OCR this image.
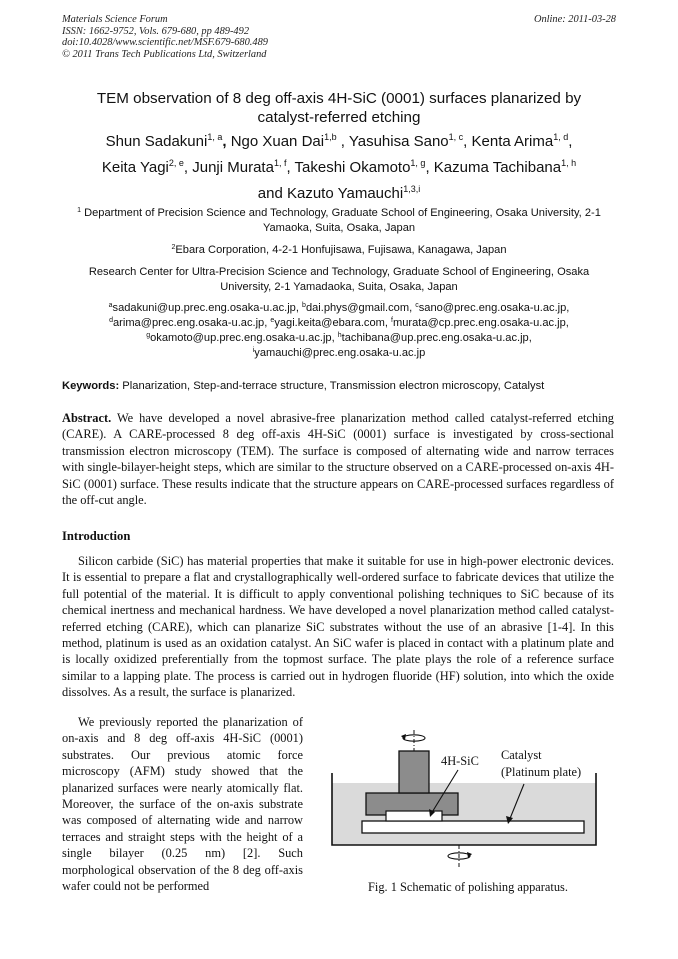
Materials Science Forum
ISSN: 1662-9752, Vols. 679-680, pp 489-492
doi:10.4028/www.scientific.net/MSF.679-680.489
© 2011 Trans Tech Publications Ltd, Switzerland
Online: 2011-03-28
TEM observation of 8 deg off-axis 4H-SiC (0001) surfaces planarized by catalyst-referred etching
Shun Sadakuni$^{1, a}$, Ngo Xuan Dai$^{1,b}$ , Yasuhisa Sano$^{1, c}$, Kenta Arima$^{1, d}$,
Keita Yagi$^{2, e}$, Junji Murata$^{1, f}$, Takeshi Okamoto$^{1, g}$, Kazuma Tachibana$^{1, h}$
and Kazuto Yamauchi$^{1,3,i}$
$^1$ Department of Precision Science and Technology, Graduate School of Engineering, Osaka University, 2-1 Yamaoka, Suita, Osaka, Japan
$^2$Ebara Corporation, 4-2-1 Honfujisawa, Fujisawa, Kanagawa, Japan
Research Center for Ultra-Precision Science and Technology, Graduate School of Engineering, Osaka University, 2-1 Yamadaoka, Suita, Osaka, Japan
$^a$sadakuni@up.prec.eng.osaka-u.ac.jp, $^b$dai.phys@gmail.com, $^c$sano@prec.eng.osaka-u.ac.jp,
$^d$arima@prec.eng.osaka-u.ac.jp, $^e$yagi.keita@ebara.com, $^f$murata@cp.prec.eng.osaka-u.ac.jp,
$^g$okamoto@up.prec.eng.osaka-u.ac.jp, $^h$tachibana@up.prec.eng.osaka-u.ac.jp,
$^i$yamauchi@prec.eng.osaka-u.ac.jp
Keywords: Planarization, Step-and-terrace structure, Transmission electron microscopy, Catalyst
Abstract. We have developed a novel abrasive-free planarization method called catalyst-referred etching (CARE). A CARE-processed 8 deg off-axis 4H-SiC (0001) surface is investigated by cross-sectional transmission electron microscopy (TEM). The surface is composed of alternating wide and narrow terraces with single-bilayer-height steps, which are similar to the structure observed on a CARE-processed on-axis 4H-SiC (0001) surface. These results indicate that the structure appears on CARE-processed surfaces regardless of the off-cut angle.
Introduction
Silicon carbide (SiC) has material properties that make it suitable for use in high-power electronic devices. It is essential to prepare a flat and crystallographically well-ordered surface to fabricate devices that utilize the full potential of the material. It is difficult to apply conventional polishing techniques to SiC because of its chemical inertness and mechanical hardness. We have developed a novel planarization method called catalyst-referred etching (CARE), which can planarize SiC substrates without the use of an abrasive [1-4]. In this method, platinum is used as an oxidation catalyst. An SiC wafer is placed in contact with a platinum plate and is locally oxidized preferentially from the topmost surface. The plate plays the role of a reference surface similar to a lapping plate. The process is carried out in hydrogen fluoride (HF) solution, into which the oxide dissolves. As a result, the surface is planarized.
We previously reported the planarization of on-axis and 8 deg off-axis 4H-SiC (0001) substrates. Our previous atomic force microscopy (AFM) study showed that the planarized surfaces were nearly atomically flat. Moreover, the surface of the on-axis substrate was composed of alternating wide and narrow terraces and straight steps with the height of a single bilayer (0.25 nm) [2]. Such morphological observation of the 8 deg off-axis wafer could not be performed
4H-SiC Catalyst
(Platinum plate)
Fig. 1 Schematic of polishing apparatus.
